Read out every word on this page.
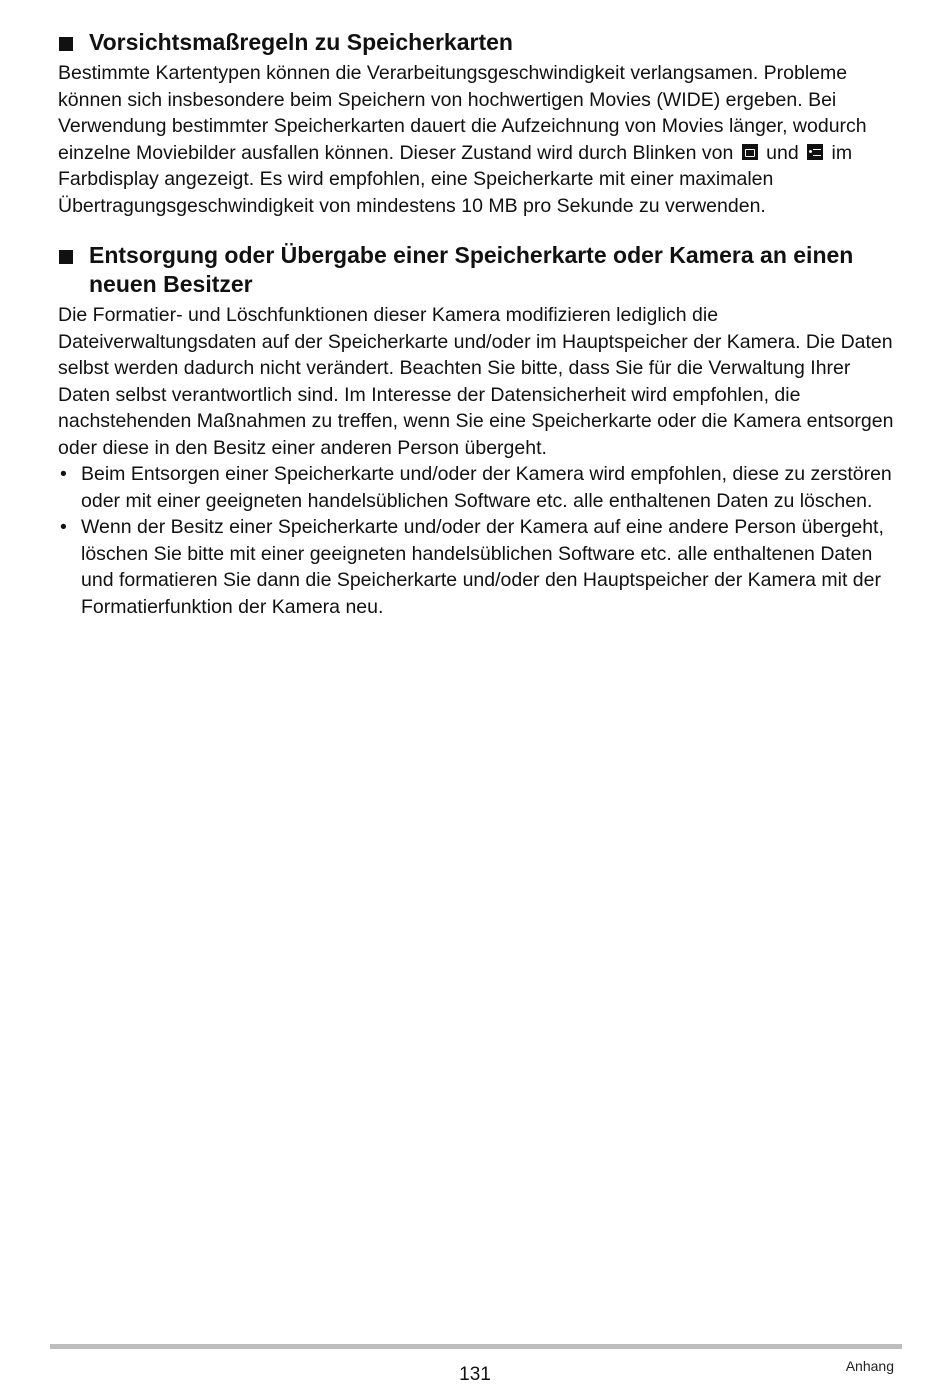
Vorsichtsmaßregeln zu Speicherkarten

Bestimmte Kartentypen können die Verarbeitungsgeschwindigkeit verlangsamen. Probleme können sich insbesondere beim Speichern von hochwertigen Movies (WIDE) ergeben. Bei Verwendung bestimmter Speicherkarten dauert die Aufzeichnung von Movies länger, wodurch einzelne Moviebilder ausfallen können. Dieser Zustand wird durch Blinken von und im Farbdisplay angezeigt. Es wird empfohlen, eine Speicherkarte mit einer maximalen Übertragungsgeschwindigkeit von mindestens 10 MB pro Sekunde zu verwenden.

Entsorgung oder Übergabe einer Speicherkarte oder Kamera an einen neuen Besitzer

Die Formatier- und Löschfunktionen dieser Kamera modifizieren lediglich die Dateiverwaltungsdaten auf der Speicherkarte und/oder im Hauptspeicher der Kamera. Die Daten selbst werden dadurch nicht verändert. Beachten Sie bitte, dass Sie für die Verwaltung Ihrer Daten selbst verantwortlich sind. Im Interesse der Datensicherheit wird empfohlen, die nachstehenden Maßnahmen zu treffen, wenn Sie eine Speicherkarte oder die Kamera entsorgen oder diese in den Besitz einer anderen Person übergeht.

• Beim Entsorgen einer Speicherkarte und/oder der Kamera wird empfohlen, diese zu zerstören oder mit einer geeigneten handelsüblichen Software etc. alle enthaltenen Daten zu löschen.
• Wenn der Besitz einer Speicherkarte und/oder der Kamera auf eine andere Person übergeht, löschen Sie bitte mit einer geeigneten handelsüblichen Software etc. alle enthaltenen Daten und formatieren Sie dann die Speicherkarte und/oder den Hauptspeicher der Kamera mit der Formatierfunktion der Kamera neu.
Anhang
131
